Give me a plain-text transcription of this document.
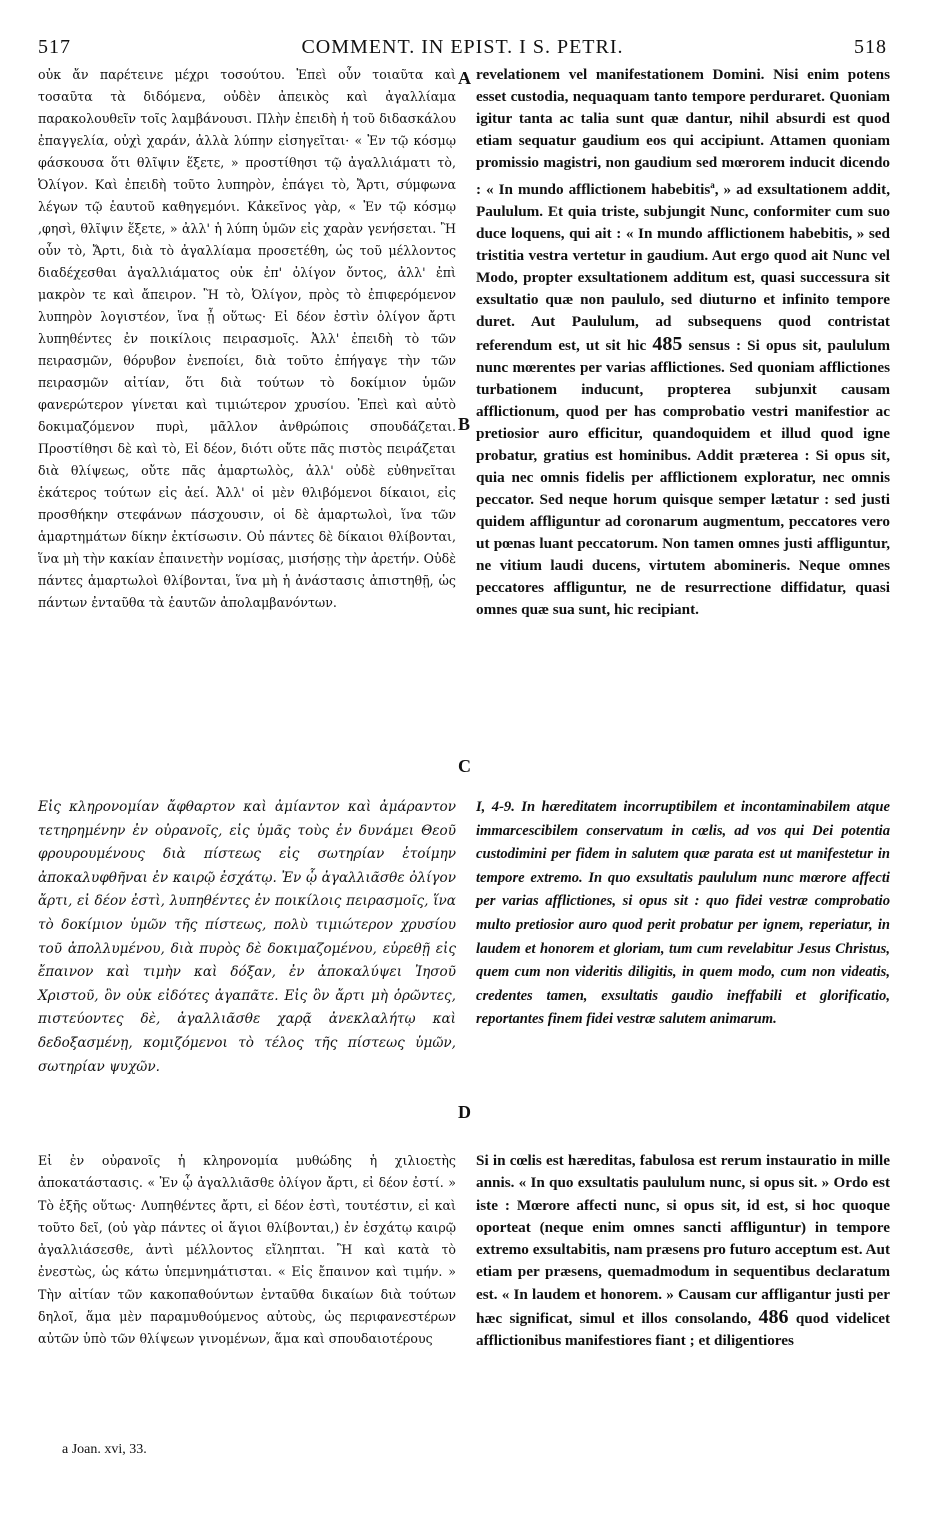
517	COMMENT. IN EPIST. I S. PETRI.	518
οὐκ ἄν παρέτεινε μέχρι τοσούτου. Ἐπεὶ οὖν τοιαῦτα καὶ τοσαῦτα τὰ διδόμενα, οὐδὲν ἀπεικὸς καὶ ἀγαλλίαμα παρακολουθεῖν τοῖς λαμβάνουσι. Πλὴν ἐπειδὴ ἡ τοῦ διδασκάλου ἐπαγγελία, οὐχὶ χαράν, ἀλλὰ λύπην εἰσηγεῖται· « Ἐν τῷ κόσμῳ φάσκουσα ὅτι θλῖψιν ἕξετε, » προστίθησι τῷ ἀγαλλιάματι τὸ, Ὀλίγον. Καὶ ἐπειδὴ τοῦτο λυπηρὸν, ἐπάγει τὸ, Ἄρτι, σύμφωνα λέγων τῷ ἑαυτοῦ καθηγεμόνι. Κἀκεῖνος γὰρ, « Ἐν τῷ κόσμῳ ,φησὶ, θλῖψιν ἕξετε, » ἀλλ' ἡ λύπη ὑμῶν εἰς χαρὰν γενήσεται. Ἢ οὖν τὸ, Ἄρτι, διὰ τὸ ἀγαλλίαμα προσετέθη, ὡς τοῦ μέλλοντος διαδέχεσθαι ἀγαλλιάματος οὐκ ἐπ' ὀλίγον ὄντος, ἀλλ' ἐπὶ μακρὸν τε καὶ ἄπειρον. Ἢ τὸ, Ὀλίγον, πρὸς τὸ ἐπιφερόμενον λυπηρὸν λογιστέον, ἵνα ᾖ οὕτως· Εἰ δέον ἐστὶν ὀλίγον ἄρτι λυπηθέντες ἐν ποικίλοις πειρασμοῖς. Ἀλλ' ἐπειδὴ τὸ τῶν πειρασμῶν, θόρυβον ἐνεποίει, διὰ τοῦτο ἐπήγαγε τὴν τῶν πειρασμῶν αἰτίαν, ὅτι διὰ τούτων τὸ δοκίμιον ὑμῶν φανερώτερον γίνεται καὶ τιμιώτερον χρυσίου. Ἐπεὶ καὶ αὐτὸ δοκιμαζόμενον πυρὶ, μᾶλλον ἀνθρώποις σπουδάζεται. Προστίθησι δὲ καὶ τὸ, Εἰ δέον, διότι οὔτε πᾶς πιστὸς πειράζεται διὰ θλίψεως, οὔτε πᾶς ἁμαρτωλὸς, ἀλλ' οὐδὲ εὐθηνεῖται ἑκάτερος τούτων εἰς ἀεί. Ἀλλ' οἱ μὲν θλιβόμενοι δίκαιοι, εἰς προσθήκην στεφάνων πάσχουσιν, οἱ δὲ ἁμαρτωλοὶ, ἵνα τῶν ἁμαρτημάτων δίκην ἐκτίσωσιν. Οὐ πάντες δὲ δίκαιοι θλίβονται, ἵνα μὴ τὴν κακίαν ἐπαινετὴν νομίσας, μισήσῃς τὴν ἀρετήν. Οὐδὲ πάντες ἁμαρτωλοὶ θλίβονται, ἵνα μὴ ἡ ἀνάστασις ἀπιστηθῇ, ὡς πάντων ἐνταῦθα τὰ ἑαυτῶν ἀπολαμβανόντων.
Εἰς κληρονομίαν ἄφθαρτον καὶ ἀμίαντον καὶ ἀμάραντον τετηρημένην ἐν οὐρανοῖς, εἰς ὑμᾶς τοὺς ἐν δυνάμει Θεοῦ φρουρουμένους διὰ πίστεως εἰς σωτηρίαν ἑτοίμην ἀποκαλυφθῆναι ἐν καιρῷ ἐσχάτῳ. Ἐν ᾧ ἀγαλλιᾶσθε ὀλίγον ἄρτι, εἰ δέον ἐστὶ, λυπηθέντες ἐν ποικίλοις πειρασμοῖς, ἵνα τὸ δοκίμιον ὑμῶν τῆς πίστεως, πολὺ τιμιώτερον χρυσίου τοῦ ἀπολλυμένου, διὰ πυρὸς δὲ δοκιμαζομένου, εὑρεθῇ εἰς ἔπαινον καὶ τιμὴν καὶ δόξαν, ἐν ἀποκαλύψει Ἰησοῦ Χριστοῦ, ὃν οὐκ εἰδότες ἀγαπᾶτε. Εἰς ὃν ἄρτι μὴ ὁρῶντες, πιστεύοντες δὲ, ἀγαλλιᾶσθε χαρᾷ ἀνεκλαλήτῳ καὶ δεδοξασμένῃ, κομιζόμενοι τὸ τέλος τῆς πίστεως ὑμῶν, σωτηρίαν ψυχῶν.
Εἰ ἐν οὐρανοῖς ἡ κληρονομία μυθώδης ἡ χιλιοετὴς ἀποκατάστασις. « Ἐν ᾧ ἀγαλλιᾶσθε ὀλίγον ἄρτι, εἰ δέον ἐστί. » Τὸ ἑξῆς οὕτως· Λυπηθέντες ἄρτι, εἰ δέον ἐστὶ, τουτέστιν, εἰ καὶ τοῦτο δεῖ, (οὐ γὰρ πάντες οἱ ἅγιοι θλίβονται,) ἐν ἐσχάτῳ καιρῷ ἀγαλλιάσεσθε, ἀντὶ μέλλοντος εἴληπται. Ἢ καὶ κατὰ τὸ ἐνεστὼς, ὡς κάτω ὑπεμνημάτισται. « Εἰς ἔπαινον καὶ τιμήν. » Τὴν αἰτίαν τῶν κακοπαθούντων ἐνταῦθα δικαίων διὰ τούτων δηλοῖ, ἅμα μὲν παραμυθούμενος αὐτοὺς, ὡς περιφανεστέρων αὐτῶν ὑπὸ τῶν θλίψεων γινομένων, ἅμα καὶ σπουδαιοτέρους
revelationem vel manifestationem Domini. Nisi enim potens esset custodia, nequaquam tanto tempore perduraret. Quoniam igitur tanta ac talia sunt quæ dantur, nihil absurdi est quod etiam sequatur gaudium eos qui accipiunt. Attamen quoniam promissio magistri, non gaudium sed mœrorem inducit dicendo : « In mundo afflictionem habebitis$^a$, » ad exsultationem addit, Paululum. Et quia triste, subjungit Nunc, conformiter cum suo duce loquens, qui ait : « In mundo afflictionem habebitis, » sed tristitia vestra vertetur in gaudium. Aut ergo quod ait Nunc vel Modo, propter exsultationem additum est, quasi successura sit exsultatio quæ non paululo, sed diuturno et infinito tempore duret. Aut Paululum, ad subsequens quod contristat referendum est, ut sit hic 485 sensus : Si opus sit, paululum nunc mœrentes per varias afflictiones. Sed quoniam afflictiones turbationem inducunt, propterea subjunxit causam afflictionum, quod per has comprobatio vestri manifestior ac pretiosior auro efficitur, quandoquidem et illud quod igne probatur, gratius est hominibus. Addit præterea : Si opus sit, quia nec omnis fidelis per afflictionem exploratur, nec omnis peccator. Sed neque horum quisque semper lætatur : sed justi quidem affliguntur ad coronarum augmentum, peccatores vero ut pœnas luant peccatorum. Non tamen omnes justi affliguntur, ne vitium laudi ducens, virtutem abomineris. Neque omnes peccatores affliguntur, ne de resurrectione diffidatur, quasi omnes quæ sua sunt, hic recipiant.
I, 4-9. In hæreditatem incorruptibilem et incontaminabilem atque immarcescibilem conservatum in cœlis, ad vos qui Dei potentia custodimini per fidem in salutem quæ parata est ut manifestetur in tempore extremo. In quo exsultatis paululum nunc mœrore affecti per varias afflictiones, si opus sit : quo fidei vestræ comprobatio multo pretiosior auro quod perit probatur per ignem, reperiatur, in laudem et honorem et gloriam, tum cum revelabitur Jesus Christus, quem cum non videritis diligitis, in quem modo, cum non videatis, credentes tamen, exsultatis gaudio ineffabili et glorificatio, reportantes finem fidei vestræ salutem animarum.
Si in cœlis est hæreditas, fabulosa est rerum instauratio in mille annis. « In quo exsultatis paululum nunc, si opus sit. » Ordo est iste : Mœrore affecti nunc, si opus sit, id est, si hoc quoque oporteat (neque enim omnes sancti affliguntur) in tempore extremo exsultabitis, nam præsens pro futuro acceptum est. Aut etiam per præsens, quemadmodum in sequentibus declaratum est. « In laudem et honorem. » Causam cur affligantur justi per hæc significat, simul et illos consolando, 486 quod videlicet afflictionibus manifestiores fiant ; et diligentiores
A
B
C
D
a Joan. xvi, 33.
